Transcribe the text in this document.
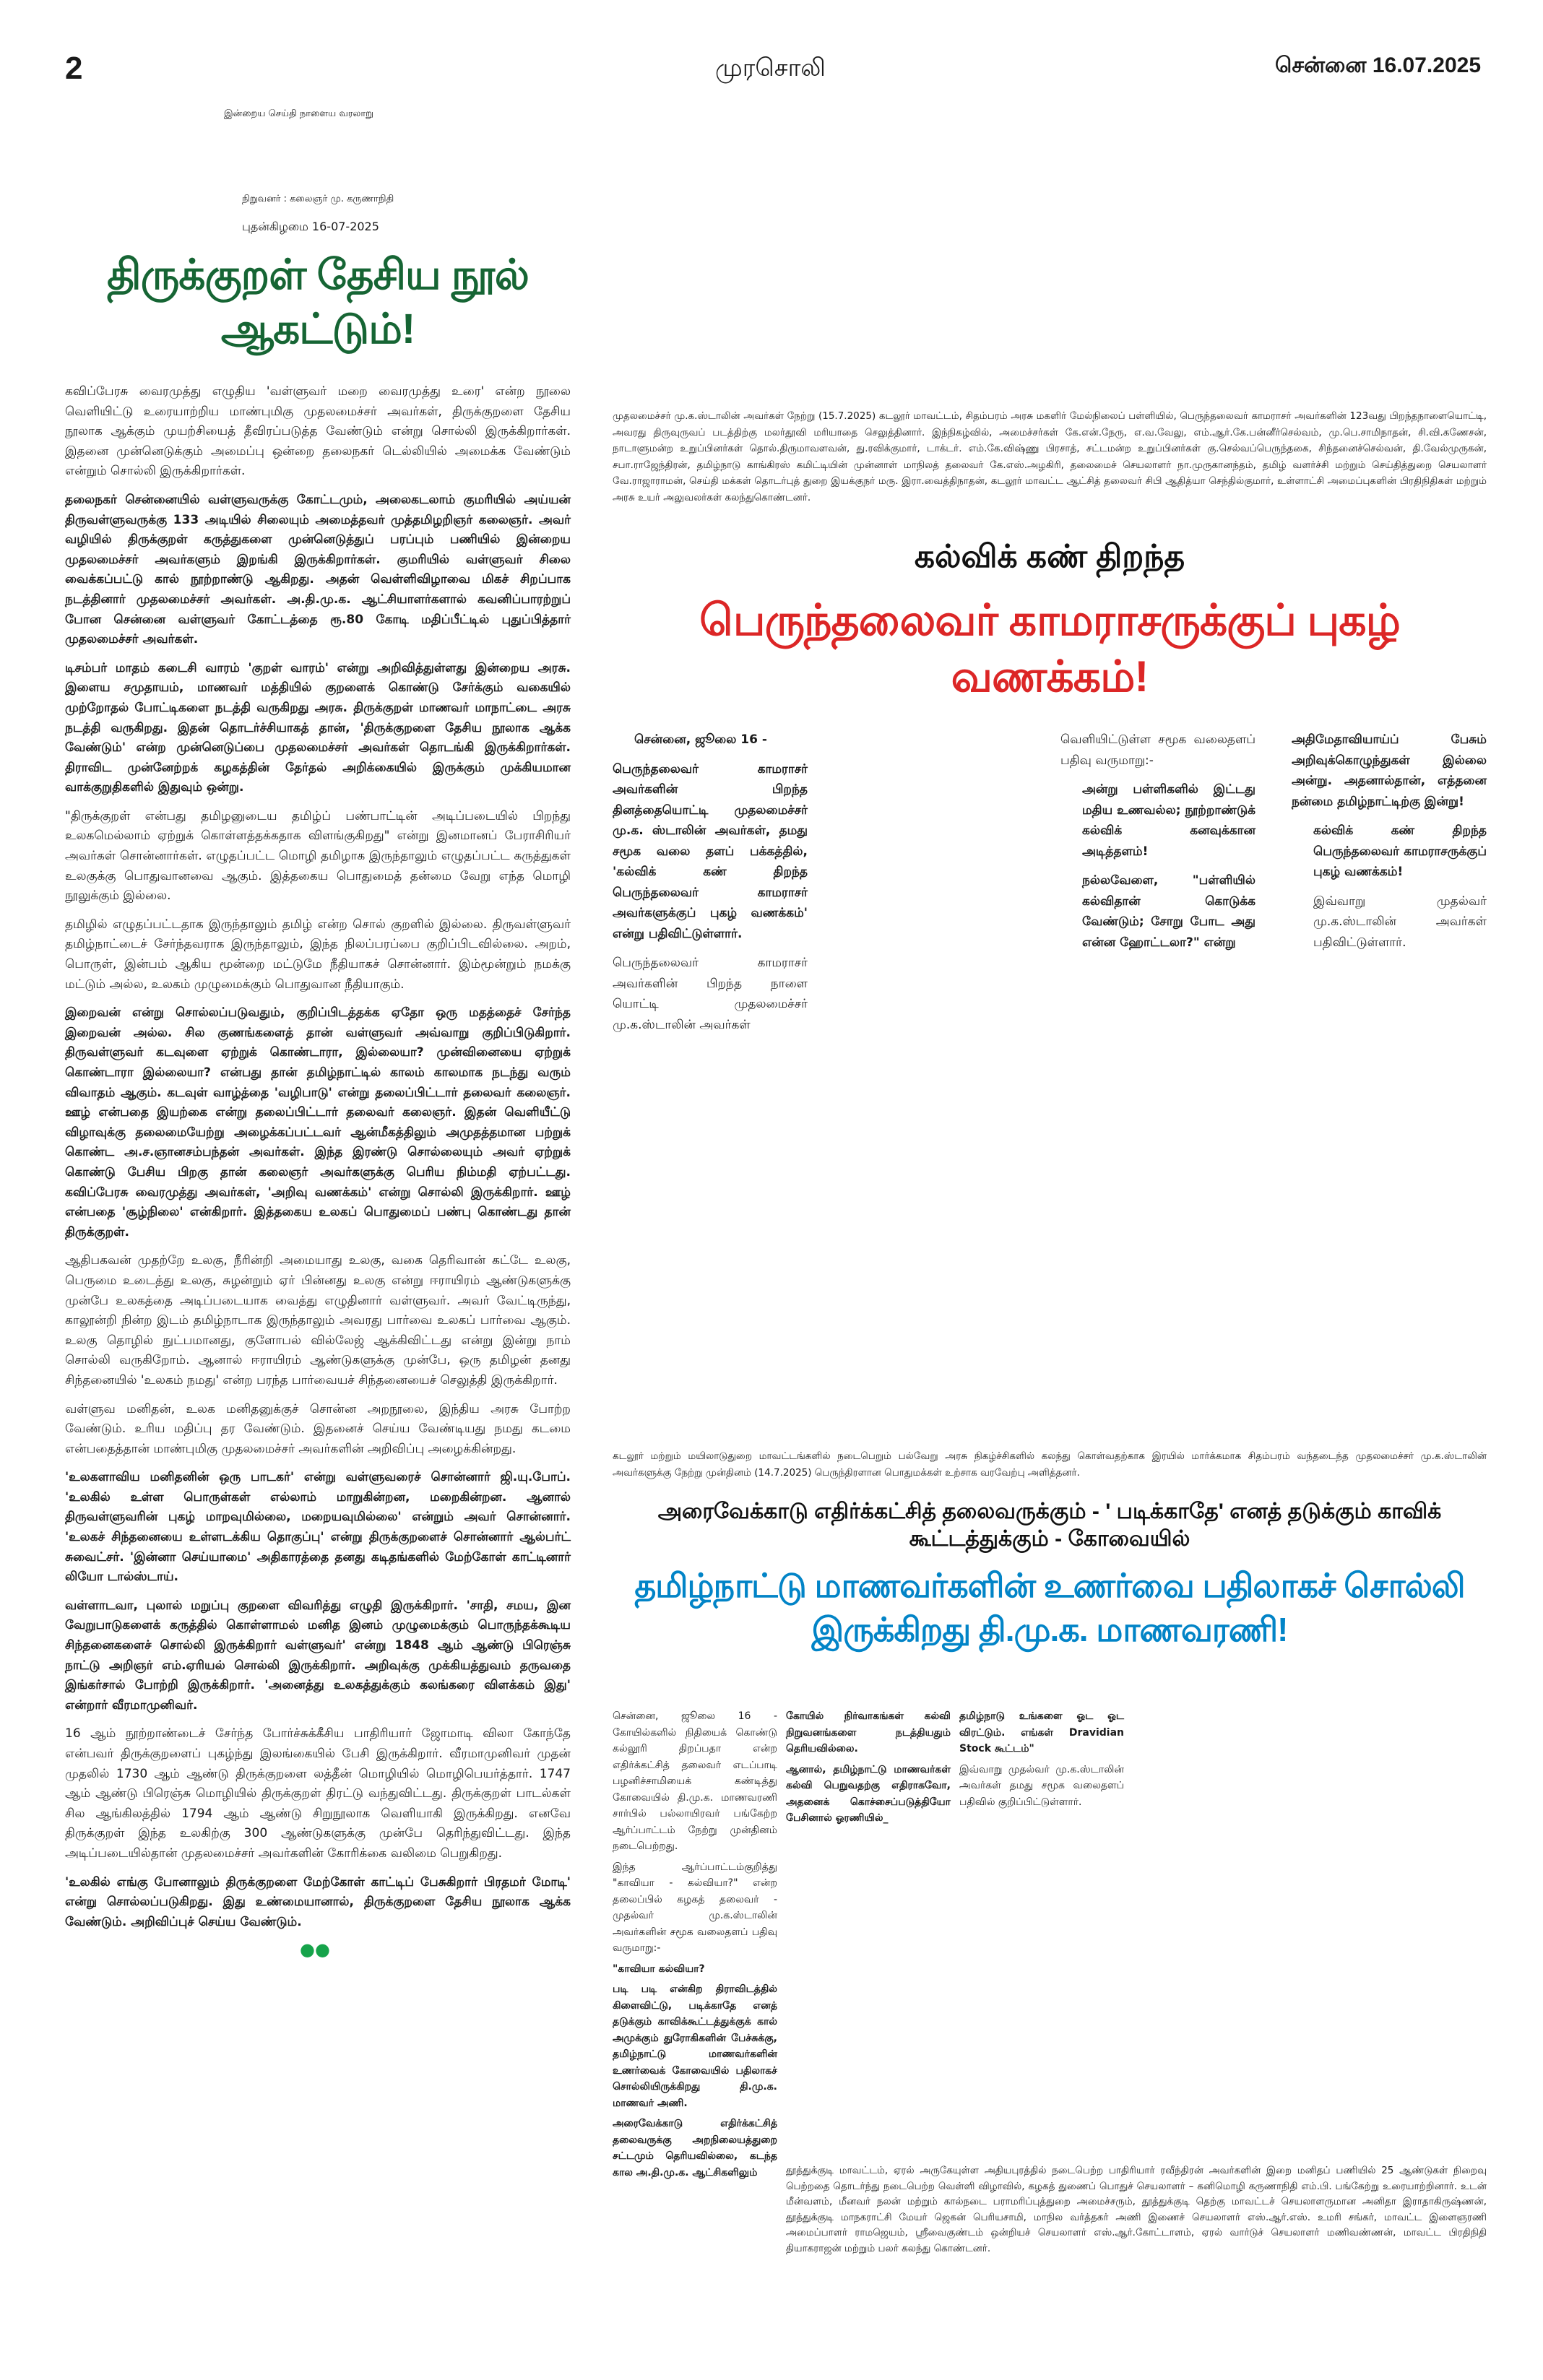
2	முரசொலி	சென்னை 16.07.2025
இன்றைய செய்தி நாளைய வரலாறு
நிறுவனர் : கலைஞர் மு. கருணாநிதி
புதன்கிழமை 16-07-2025
திருக்குறள் தேசிய நூல் ஆகட்டும்!

கவிப்பேரசு வைரமுத்து எழுதிய 'வள்ளுவர் மறை வைரமுத்து உரை' என்ற நூலை வெளியிட்டு உரையாற்றிய மாண்புமிகு முதலமைச்சர் அவர்கள், திருக்குறளை தேசிய நூலாக ஆக்கும் முயற்சியைத் தீவிரப்படுத்த வேண்டும் என்று சொல்லி இருக்கிறார்கள். இதனை முன்னெடுக்கும் அமைப்பு ஒன்றை தலைநகர் டெல்லியில் அமைக்க வேண்டும் என்றும் சொல்லி இருக்கிறார்கள்.

தலைநகர் சென்னையில் வள்ளுவருக்கு கோட்டமும், அலைகடலாம் குமரியில் அய்யன் திருவள்ளுவருக்கு 133 அடியில் சிலையும் அமைத்தவர் முத்தமிழறிஞர் கலைஞர். அவர் வழியில் திருக்குறள் கருத்துகளை முன்னெடுத்துப் பரப்பும் பணியில் இன்றைய முதலமைச்சர் அவர்களும் இறங்கி இருக்கிறார்கள். குமரியில் வள்ளுவர் சிலை வைக்கப்பட்டு கால் நூற்றாண்டு ஆகிறது. அதன் வெள்ளிவிழாவை மிகச் சிறப்பாக நடத்தினார் முதலமைச்சர் அவர்கள். அ.தி.மு.க. ஆட்சியாளர்களால் கவனிப்பாரற்றுப் போன சென்னை வள்ளுவர் கோட்டத்தை ரூ.80 கோடி மதிப்பீட்டில் புதுப்பித்தார் முதலமைச்சர் அவர்கள்.

டிசம்பர் மாதம் கடைசி வாரம் 'குறள் வாரம்' என்று அறிவித்துள்ளது இன்றைய அரசு. இளைய சமுதாயம், மாணவர் மத்தியில் குறளைக் கொண்டு சேர்க்கும் வகையில் முற்றோதல் போட்டிகளை நடத்தி வருகிறது அரசு. திருக்குறள் மாணவர் மாநாட்டை அரசு நடத்தி வருகிறது. இதன் தொடர்ச்சியாகத் தான், 'திருக்குறளை தேசிய நூலாக ஆக்க வேண்டும்' என்ற முன்னெடுப்பை முதலமைச்சர் அவர்கள் தொடங்கி இருக்கிறார்கள். திராவிட முன்னேற்றக் கழகத்தின் தேர்தல் அறிக்கையில் இருக்கும் முக்கியமான வாக்குறுதிகளில் இதுவும் ஒன்று.

"திருக்குறள் என்பது தமிழனுடைய தமிழ்ப் பண்பாட்டின் அடிப்படையில் பிறந்து உலகமெல்லாம் ஏற்றுக் கொள்ளத்தக்கதாக விளங்குகிறது" என்று இனமானப் பேராசிரியர் அவர்கள் சொன்னார்கள். எழுதப்பட்ட மொழி தமிழாக இருந்தாலும் எழுதப்பட்ட கருத்துகள் உலகுக்கு பொதுவானவை ஆகும். இத்தகைய பொதுமைத் தன்மை வேறு எந்த மொழி நூலுக்கும் இல்லை.

தமிழில் எழுதப்பட்டதாக இருந்தாலும் தமிழ் என்ற சொல் குறளில் இல்லை. திருவள்ளுவர் தமிழ்நாட்டைச் சேர்ந்தவராக இருந்தாலும், இந்த நிலப்பரப்பை குறிப்பிடவில்லை. அறம், பொருள், இன்பம் ஆகிய மூன்றை மட்டுமே நீதியாகச் சொன்னார். இம்மூன்றும் நமக்கு மட்டும் அல்ல, உலகம் முழுமைக்கும் பொதுவான நீதியாகும்.

இறைவன் என்று சொல்லப்படுவதும், குறிப்பிடத்தக்க ஏதோ ஒரு மதத்தைச் சேர்ந்த இறைவன் அல்ல. சில குணங்களைத் தான் வள்ளுவர் அவ்வாறு குறிப்பிடுகிறார். திருவள்ளுவர் கடவுளை ஏற்றுக் கொண்டாரா, இல்லையா? முன்வினையை ஏற்றுக் கொண்டாரா இல்லையா? என்பது தான் தமிழ்நாட்டில் காலம் காலமாக நடந்து வரும் விவாதம் ஆகும். கடவுள் வாழ்த்தை 'வழிபாடு' என்று தலைப்பிட்டார் தலைவர் கலைஞர். ஊழ் என்பதை இயற்கை என்று தலைப்பிட்டார் தலைவர் கலைஞர். இதன் வெளியீட்டு விழாவுக்கு தலைமையேற்று அழைக்கப்பட்டவர் ஆன்மீகத்திலும் அமுதத்தமான பற்றுக் கொண்ட அ.ச.ஞானசம்பந்தன் அவர்கள். இந்த இரண்டு சொல்லையும் அவர் ஏற்றுக் கொண்டு பேசிய பிறகு தான் கலைஞர் அவர்களுக்கு பெரிய நிம்மதி ஏற்பட்டது. கவிப்பேரசு வைரமுத்து அவர்கள், 'அறிவு வணக்கம்' என்று சொல்லி இருக்கிறார். ஊழ் என்பதை 'சூழ்நிலை' என்கிறார். இத்தகைய உலகப் பொதுமைப் பண்பு கொண்டது தான் திருக்குறள்.

ஆதிபகவன் முதற்றே உலகு, நீரின்றி அமையாது உலகு, வகை தெரிவான் கட்டே உலகு, பெருமை உடைத்து உலகு, சுழன்றும் ஏர் பின்னது உலகு என்று ஈராயிரம் ஆண்டுகளுக்கு முன்பே உலகத்தை அடிப்படையாக வைத்து எழுதினார் வள்ளுவர். அவர் வேட்டிருந்து, காலூன்றி நின்ற இடம் தமிழ்நாடாக இருந்தாலும் அவரது பார்வை உலகப் பார்வை ஆகும். உலகு தொழில் நுட்பமானது, குளோபல் வில்லேஜ் ஆக்கிவிட்டது என்று இன்று நாம் சொல்லி வருகிறோம். ஆனால் ஈராயிரம் ஆண்டுகளுக்கு முன்பே, ஒரு தமிழன் தனது சிந்தனையில் 'உலகம் நமது' என்ற பரந்த பார்வையச் சிந்தனையைச் செலுத்தி இருக்கிறார்.

வள்ளுவ மனிதன், உலக மனிதனுக்குச் சொன்ன அறநூலை, இந்திய அரசு போற்ற வேண்டும். உரிய மதிப்பு தர வேண்டும். இதனைச் செய்ய வேண்டியது நமது கடமை என்பதைத்தான் மாண்புமிகு முதலமைச்சர் அவர்களின் அறிவிப்பு அழைக்கின்றது.

'உலகளாவிய மனிதனின் ஒரு பாடகர்' என்று வள்ளுவரைச் சொன்னார் ஜி.யு.போப். 'உலகில் உள்ள பொருள்கள் எல்லாம் மாறுகின்றன, மறைகின்றன. ஆனால் திருவள்ளுவரின் புகழ் மாறவுமில்லை, மறையவுமில்லை' என்றும் அவர் சொன்னார். 'உலகச் சிந்தனையை உள்ளடக்கிய தொகுப்பு' என்று திருக்குறளைச் சொன்னார் ஆல்பர்ட் சுவைட்சர். 'இன்னா செய்யாமை' அதிகாரத்தை தனது கடிதங்களில் மேற்கோள் காட்டினார் லியோ டால்ஸ்டாய்.

வள்ளாடவா, புலால் மறுப்பு குறளை விவரித்து எழுதி இருக்கிறார். 'சாதி, சமய, இன வேறுபாடுகளைக் கருத்தில் கொள்ளாமல் மனித இனம் முழுமைக்கும் பொருந்தக்கூடிய சிந்தனைகளைச் சொல்லி இருக்கிறார் வள்ளுவர்' என்று 1848 ஆம் ஆண்டு பிரெஞ்சு நாட்டு அறிஞர் எம்.ஏரியல் சொல்லி இருக்கிறார். அறிவுக்கு முக்கியத்துவம் தருவதை இங்கர்சால் போற்றி இருக்கிறார். 'அனைத்து உலகத்துக்கும் கலங்கரை விளக்கம் இது' என்றார் வீரமாமுனிவர்.

16 ஆம் நூற்றாண்டைச் சேர்ந்த போர்ச்சுக்கீசிய பாதிரியார் ஜோமாடி விலா கோந்தே என்பவர் திருக்குறளைப் புகழ்ந்து இலங்கையில் பேசி இருக்கிறார். வீரமாமுனிவர் முதன் முதலில் 1730 ஆம் ஆண்டு திருக்குறளை லத்தீன் மொழியில் மொழிபெயர்த்தார். 1747 ஆம் ஆண்டு பிரெஞ்சு மொழியில் திருக்குறள் திரட்டு வந்துவிட்டது. திருக்குறள் பாடல்கள் சில ஆங்கிலத்தில் 1794 ஆம் ஆண்டு சிறுநூலாக வெளியாகி இருக்கிறது. எனவே திருக்குறள் இந்த உலகிற்கு 300 ஆண்டுகளுக்கு முன்பே தெரிந்துவிட்டது. இந்த அடிப்படையில்தான் முதலமைச்சர் அவர்களின் கோரிக்கை வலிமை பெறுகிறது.

'உலகில் எங்கு போனாலும் திருக்குறளை மேற்கோள் காட்டிப் பேசுகிறார் பிரதமர் மோடி' என்று சொல்லப்படுகிறது. இது உண்மையானால், திருக்குறளை தேசிய நூலாக ஆக்க வேண்டும். அறிவிப்புச் செய்ய வேண்டும்.

●●
முதலமைச்சர் மு.க.ஸ்டாலின் அவர்கள் நேற்று (15.7.2025) கடலூர் மாவட்டம், சிதம்பரம் அரசு மகளிர் மேல்நிலைப் பள்ளியில், பெருந்தலைவர் காமராசர் அவர்களின் 123வது பிறந்தநாளையொட்டி, அவரது திருவுருவப் படத்திற்கு மலர்தூவி மரியாதை செலுத்தினார். இந்நிகழ்வில், அமைச்சர்கள் கே.என்.நேரு, எ.வ.வேலு, எம்.ஆர்.கே.பன்னீர்செல்வம், மு.பெ.சாமிநாதன், சி.வி.கணேசன், நாடாளுமன்ற உறுப்பினர்கள் தொல்.திருமாவளவன், து.ரவிக்குமார், டாக்டர். எம்.கே.விஷ்ணு பிரசாத், சட்டமன்ற உறுப்பினர்கள் கு.செல்வப்பெருந்தகை, சிந்தனைச்செல்வன், தி.வேல்முருகன், சபா.ராஜேந்திரன், தமிழ்நாடு காங்கிரஸ் கமிட்டியின் முன்னாள் மாநிலத் தலைவர் கே.எஸ்.அழகிரி, தலைமைச் செயலாளர் நா.முருகானந்தம், தமிழ் வளர்ச்சி மற்றும் செய்தித்துறை செயலாளர் வே.ராஜாராமன், செய்தி மக்கள் தொடர்புத் துறை இயக்குநர் மரு. இரா.வைத்திநாதன், கடலூர் மாவட்ட ஆட்சித் தலைவர் சிபி ஆதித்யா செந்தில்குமார், உள்ளாட்சி அமைப்புகளின் பிரதிநிதிகள் மற்றும் அரசு உயர் அலுவலர்கள் கலந்துகொண்டனர்.
கல்விக் கண் திறந்த
பெருந்தலைவர் காமராசருக்குப் புகழ் வணக்கம்!

சென்னை, ஜூலை 16 -

பெருந்தலைவர் காமராசர் அவர்களின் பிறந்த தினத்தையொட்டி முதலமைச்சர் மு.க. ஸ்டாலின் அவர்கள், தமது சமூக வலை தளப் பக்கத்தில், 'கல்விக் கண் திறந்த பெருந்தலைவர் காமராசர் அவர்களுக்குப் புகழ் வணக்கம்' என்று பதிவிட்டுள்ளார்.

பெருந்தலைவர் காமராசர் அவர்களின் பிறந்த நாளை யொட்டி முதலமைச்சர் மு.க.ஸ்டாலின் அவர்கள்

வெளியிட்டுள்ள சமூக வலைதளப் பதிவு வருமாறு:-

அன்று பள்ளிகளில் இட்டது மதிய உணவல்ல; நூற்றாண்டுக் கல்விக் கனவுக்கான அடித்தளம்!

நல்லவேளை, "பள்ளியில் கல்விதான் கொடுக்க வேண்டும்; சோறு போட அது என்ன ஹோட்டலா?" என்று

அதிமேதாவியாய்ப் பேசும் அறிவுக்கொழுந்துகள் இல்லை அன்று. அதனால்தான், எத்தனை நன்மை தமிழ்நாட்டிற்கு இன்று!

கல்விக் கண் திறந்த பெருந்தலைவர் காமராசருக்குப் புகழ் வணக்கம்!

இவ்வாறு முதல்வர் மு.க.ஸ்டாலின் அவர்கள் பதிவிட்டுள்ளார்.

கடலூர் மற்றும் மயிலாடுதுறை மாவட்டங்களில் நடைபெறும் பல்வேறு அரசு நிகழ்ச்சிகளில் கலந்து கொள்வதற்காக இரயில் மார்க்கமாக சிதம்பரம் வந்தடைந்த முதலமைச்சர் மு.க.ஸ்டாலின் அவர்களுக்கு நேற்று முன்தினம் (14.7.2025) பெருந்திரளான பொதுமக்கள் உற்சாக வரவேற்பு அளித்தனர்.
அரைவேக்காடு எதிர்க்கட்சித் தலைவருக்கும் - ' படிக்காதே' எனத் தடுக்கும் காவிக் கூட்டத்துக்கும் - கோவையில்
தமிழ்நாட்டு மாணவர்களின் உணர்வை பதிலாகச் சொல்லி இருக்கிறது தி.மு.க. மாணவரணி!

சென்னை, ஜூலை 16 - கோயில்களில் நிதியைக் கொண்டு கல்லூரி திறப்பதா என்ற எதிர்க்கட்சித் தலைவர் எடப்பாடி பழனிச்சாமியைக் கண்டித்து கோவையில் தி.மு.க. மாணவரணி சார்பில் பல்லாயிரவர் பங்கேற்ற ஆர்ப்பாட்டம் நேற்று முன்தினம் நடைபெற்றது.

இந்த ஆர்ப்பாட்டம்குறித்து "காவியா - கல்வியா?" என்ற தலைப்பில் கழகத் தலைவர் - முதல்வர் மு.க.ஸ்டாலின் அவர்களின் சமூக வலைதளப் பதிவு வருமாறு:-

"காவியா கல்வியா?

படி படி என்கிற திராவிடத்தில் கிளைவிட்டு, படிக்காதே எனத் தடுக்கும் காவிக்கூட்டத்துக்குக் கால் அமுக்கும் துரோகிகளின் பேச்சுக்கு, தமிழ்நாட்டு மாணவர்களின் உணர்வைக் கோவையில் பதிலாகச் சொல்லியிருக்கிறது தி.மு.க. மாணவர் அணி.

அரைவேக்காடு எதிர்க்கட்சித் தலைவருக்கு அறநிலையத்துறை சட்டமும் தெரியவில்லை, கடந்த கால அ.தி.மு.க. ஆட்சிகளிலும்

கோயில் நிர்வாகங்கள் கல்வி நிறுவனங்களை நடத்தியதும் தெரியவில்லை.

ஆனால், தமிழ்நாட்டு மாணவர்கள் கல்வி பெறுவதற்கு எதிராகவோ, அதனைக் கொச்சைப்படுத்தியோ பேசினால் ஓரணியில்_

தமிழ்நாடு உங்களை ஓட ஓட விரட்டும். எங்கள் Dravidian Stock கூட்டம்"

இவ்வாறு முதல்வர் மு.க.ஸ்டாலின் அவர்கள் தமது சமூக வலைதளப் பதிவில் குறிப்பிட்டுள்ளார்.

தூத்துக்குடி மாவட்டம், ஏரல் அருகேயுள்ள அதியபுரத்தில் நடைபெற்ற பாதிரியார் ரவீந்திரன் அவர்களின் இறை மனிதப் பணியில் 25 ஆண்டுகள் நிறைவு பெற்றதை தொடர்ந்து நடைபெற்ற வெள்ளி விழாவில், கழகத் துணைப் பொதுச் செயலாளர் – கனிமொழி கருணாநிதி எம்.பி. பங்கேற்று உரையாற்றினார். உடன் மீன்வளம், மீனவர் நலன் மற்றும் கால்நடை பராமரிப்புத்துறை அமைச்சரும், தூத்துக்குடி தெற்கு மாவட்டச் செயலாளருமான அனிதா இராதாகிருஷ்ணன், தூத்துக்குடி மாநகராட்சி மேயர் ஜெகன் பெரியசாமி, மாநில வர்த்தகர் அணி இணைச் செயலாளர் எஸ்.ஆர்.எஸ். உமரி சங்கர், மாவட்ட இளைஞரணி அமைப்பாளர் ராமஜெயம், ஸ்ரீவைகுண்டம் ஒன்றியச் செயலாளர் எஸ்.ஆர்.கோட்டாளம், ஏரல் வார்டுச் செயலாளர் மணிவண்ணன், மாவட்ட பிரதிநிதி தியாகராஜன் மற்றும் பலர் கலந்து கொண்டனர்.
